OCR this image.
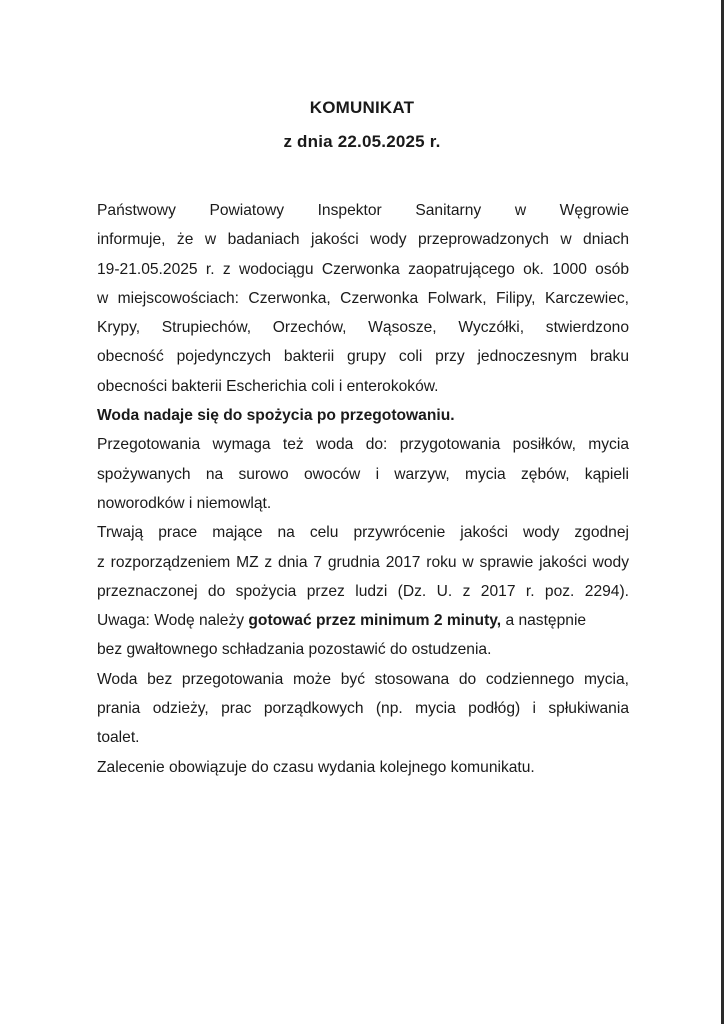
KOMUNIKAT
z dnia 22.05.2025 r.
Państwowy Powiatowy Inspektor Sanitarny w Węgrowie
informuje, że w badaniach jakości wody przeprowadzonych w dniach
19-21.05.2025 r. z wodociągu Czerwonka zaopatrującego ok. 1000 osób
w miejscowościach: Czerwonka, Czerwonka Folwark, Filipy, Karczewiec,
Krypy, Strupiechów, Orzechów, Wąsosze, Wyczółki, stwierdzono
obecność pojedynczych bakterii grupy coli przy jednoczesnym braku
obecności bakterii Escherichia coli i enterokoków.
Woda nadaje się do spożycia po przegotowaniu.
Przegotowania wymaga też woda do: przygotowania posiłków, mycia
spożywanych na surowo owoców i warzyw, mycia zębów, kąpieli
noworodków i niemowląt.
Trwają prace mające na celu przywrócenie jakości wody zgodnej
z rozporządzeniem MZ z dnia 7 grudnia 2017 roku w sprawie jakości wody
przeznaczonej do spożycia przez ludzi (Dz. U. z 2017 r. poz. 2294).
Uwaga: Wodę należy gotować przez minimum 2 minuty, a następnie
bez gwałtownego schładzania pozostawić do ostudzenia.
Woda bez przegotowania może być stosowana do codziennego mycia,
prania odzieży, prac porządkowych (np. mycia podłóg) i spłukiwania
toalet.
Zalecenie obowiązuje do czasu wydania kolejnego komunikatu.
